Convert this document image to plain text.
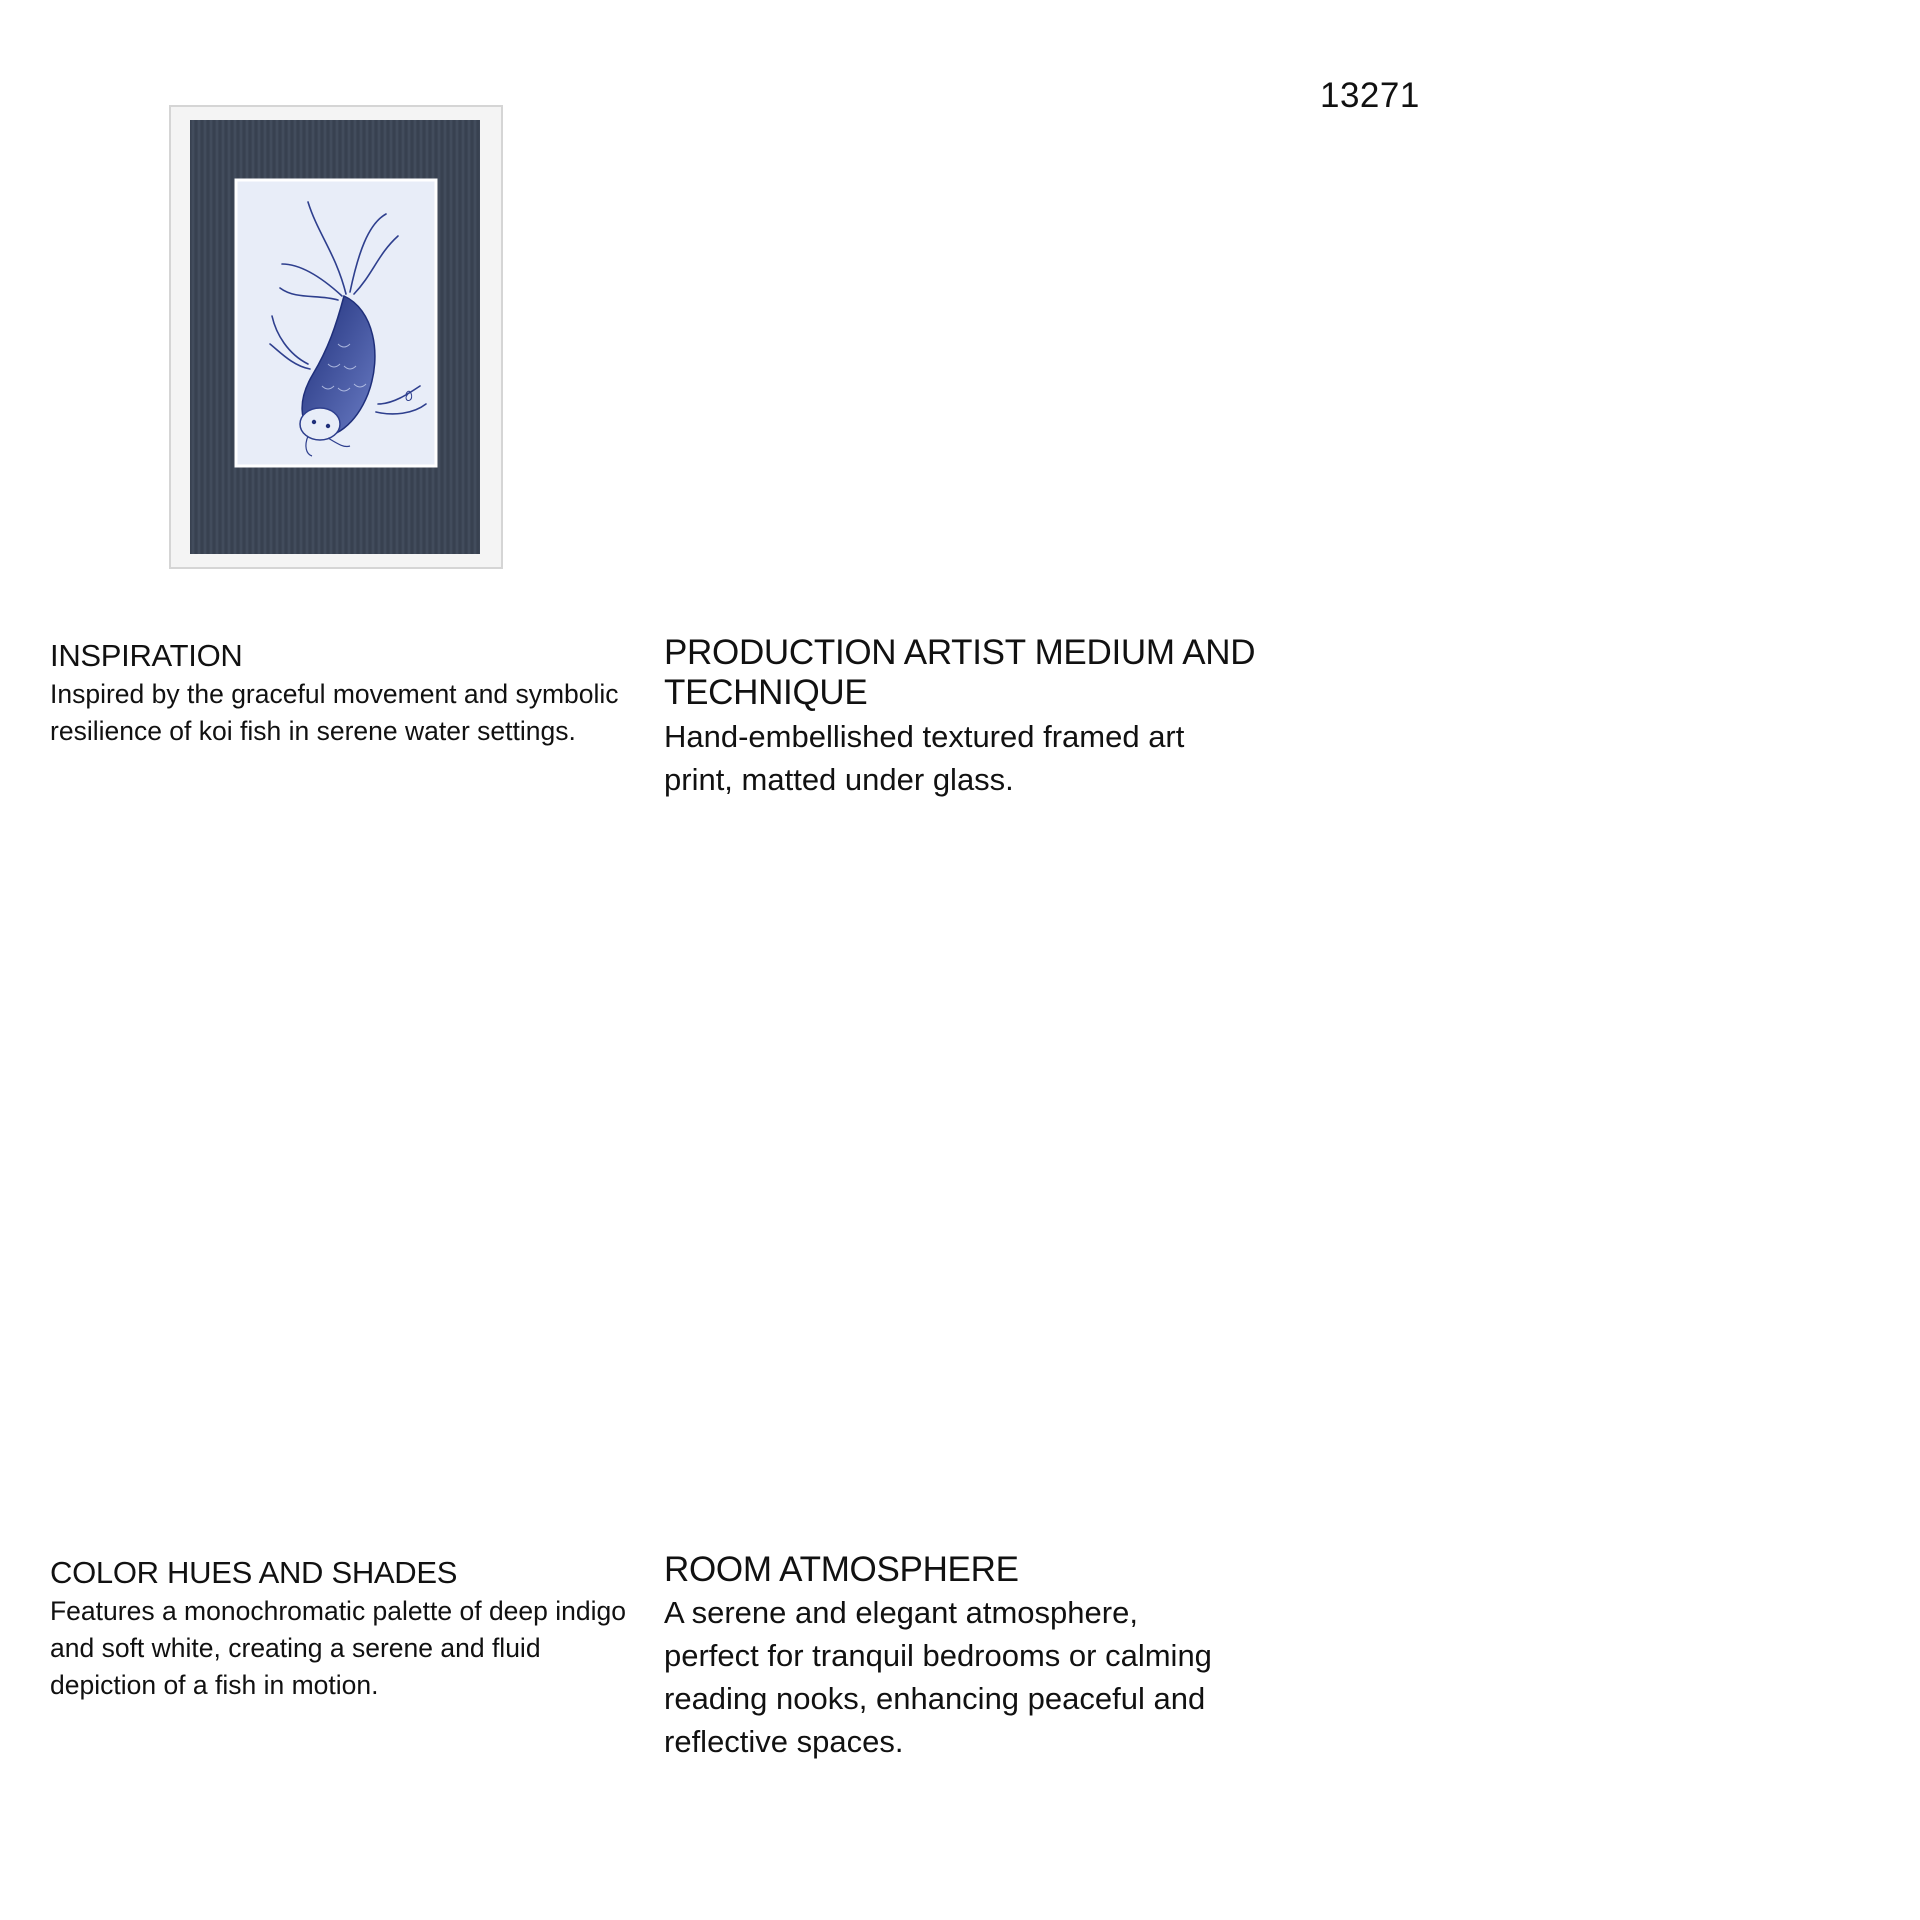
13271
INSPIRATION

Inspired by the graceful movement and symbolic resilience of koi fish in serene water settings.

PRODUCTION ARTIST MEDIUM AND TECHNIQUE

Hand-embellished textured framed art print, matted under glass.

COLOR HUES AND SHADES

Features a monochromatic palette of deep indigo and soft white, creating a serene and fluid depiction of a fish in motion.

ROOM ATMOSPHERE

A serene and elegant atmosphere, perfect for tranquil bedrooms or calming reading nooks, enhancing peaceful and reflective spaces.
